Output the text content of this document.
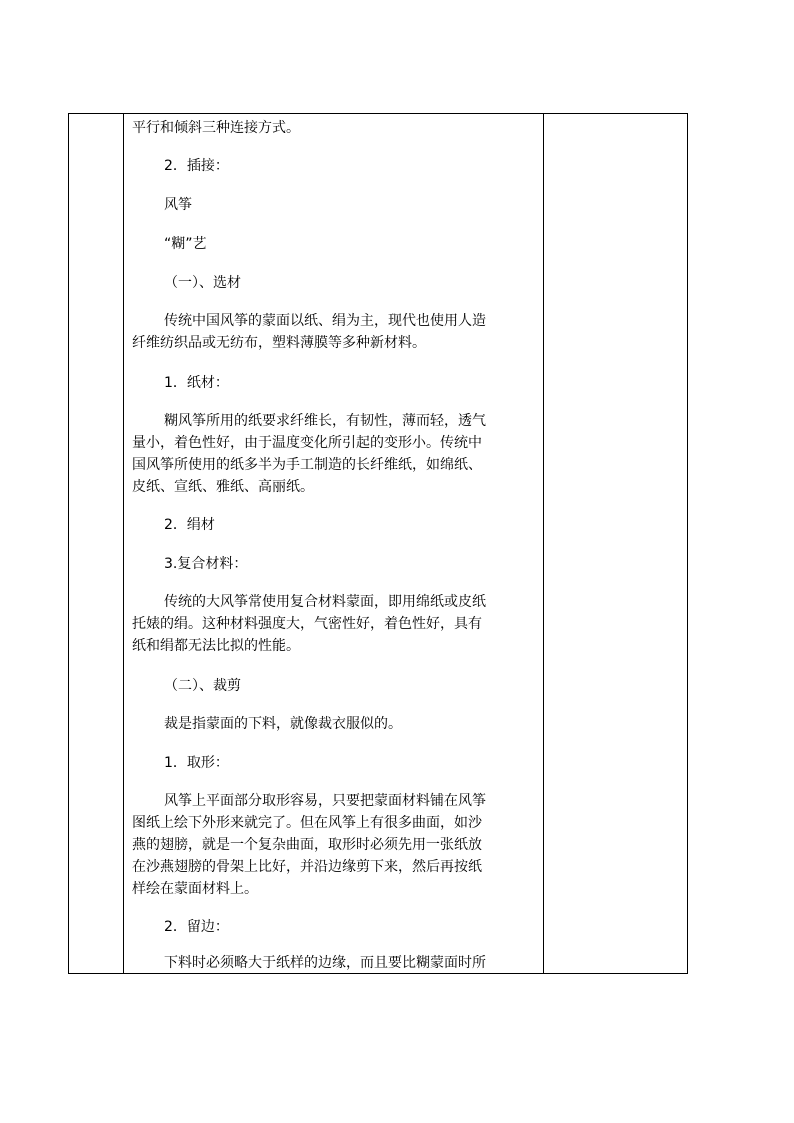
平行和倾斜三种连接方式。
2．插接：
风筝
“糊”艺
（一）、选材
传统中国风筝的蒙面以纸、绢为主，现代也使用人造
纤维纺织品或无纺布，塑料薄膜等多种新材料。
1．纸材：
糊风筝所用的纸要求纤维长，有韧性，薄而轻，透气
量小，着色性好，由于温度变化所引起的变形小。传统中
国风筝所使用的纸多半为手工制造的长纤维纸，如绵纸、
皮纸、宣纸、雅纸、高丽纸。
2．绢材
3.复合材料：
传统的大风筝常使用复合材料蒙面，即用绵纸或皮纸
托婊的绢。这种材料强度大，气密性好，着色性好，具有
纸和绢都无法比拟的性能。
（二）、裁剪
裁是指蒙面的下料，就像裁衣服似的。
1．取形：
风筝上平面部分取形容易，只要把蒙面材料铺在风筝
图纸上绘下外形来就完了。但在风筝上有很多曲面，如沙
燕的翅膀，就是一个复杂曲面，取形时必须先用一张纸放
在沙燕翅膀的骨架上比好，并沿边缘剪下来，然后再按纸
样绘在蒙面材料上。
2．留边：
下料时必须略大于纸样的边缘，而且要比糊蒙面时所
